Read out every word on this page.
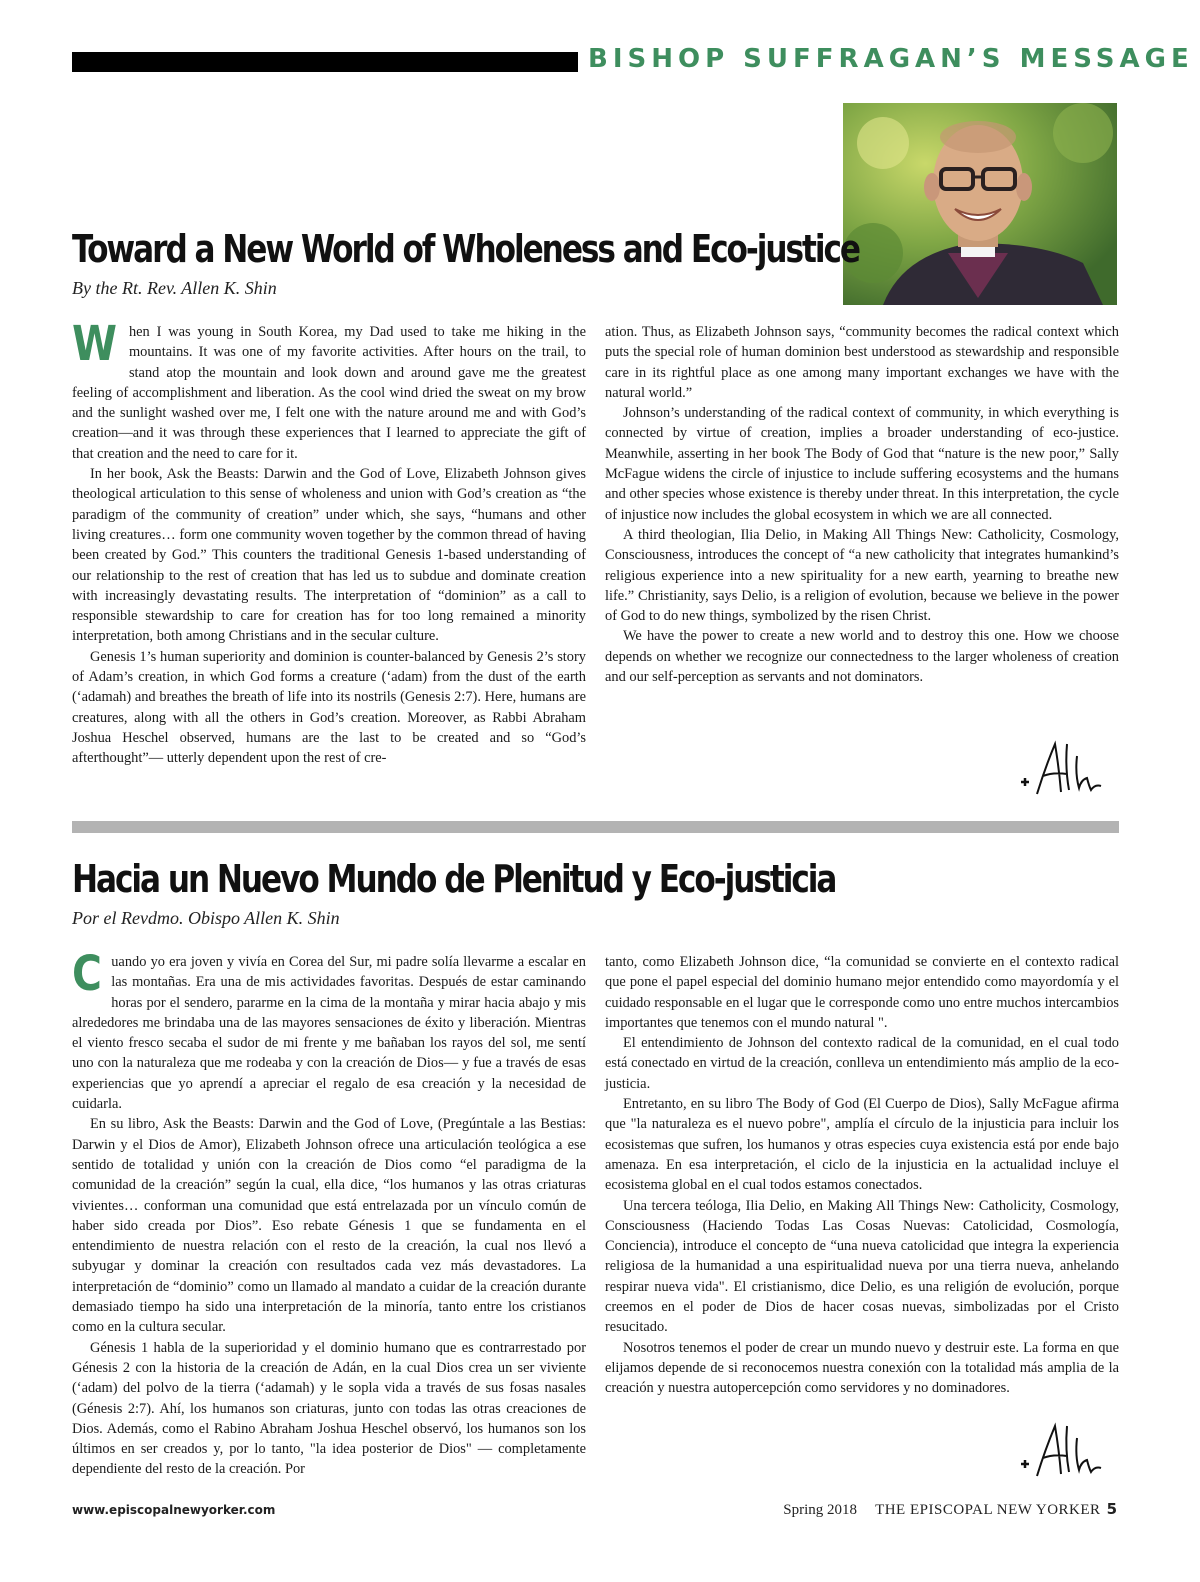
BISHOP SUFFRAGAN’S MESSAGE
Toward a New World of Wholeness and Eco-justice
By the Rt. Rev. Allen K. Shin

When I was young in South Korea, my Dad used to take me hiking in the mountains. It was one of my favorite activities. After hours on the trail, to stand atop the mountain and look down and around gave me the greatest feeling of accomplishment and liberation. As the cool wind dried the sweat on my brow and the sunlight washed over me, I felt one with the nature around me and with God’s creation—and it was through these experiences that I learned to appreciate the gift of that creation and the need to care for it.

In her book, Ask the Beasts: Darwin and the God of Love, Elizabeth Johnson gives theological articulation to this sense of wholeness and union with God’s creation as “the paradigm of the community of creation” under which, she says, “humans and other living creatures… form one community woven together by the common thread of having been created by God.” This counters the traditional Genesis 1-based understanding of our relationship to the rest of creation that has led us to subdue and dominate creation with increasingly devastating results. The interpretation of “dominion” as a call to responsible stewardship to care for creation has for too long remained a minority interpretation, both among Christians and in the secular culture.

Genesis 1’s human superiority and dominion is counter-balanced by Genesis 2’s story of Adam’s creation, in which God forms a creature (‘adam) from the dust of the earth (‘adamah) and breathes the breath of life into its nostrils (Genesis 2:7). Here, humans are creatures, along with all the others in God’s creation. Moreover, as Rabbi Abraham Joshua Heschel observed, humans are the last to be created and so “God’s afterthought”— utterly dependent upon the rest of cre-

ation. Thus, as Elizabeth Johnson says, “community becomes the radical context which puts the special role of human dominion best understood as stewardship and responsible care in its rightful place as one among many important exchanges we have with the natural world.”

Johnson’s understanding of the radical context of community, in which everything is connected by virtue of creation, implies a broader understanding of eco-justice. Meanwhile, asserting in her book The Body of God that “nature is the new poor,” Sally McFague widens the circle of injustice to include suffering ecosystems and the humans and other species whose existence is thereby under threat. In this interpretation, the cycle of injustice now includes the global ecosystem in which we are all connected.

A third theologian, Ilia Delio, in Making All Things New: Catholicity, Cosmology, Consciousness, introduces the concept of “a new catholicity that integrates humankind’s religious experience into a new spirituality for a new earth, yearning to breathe new life.” Christianity, says Delio, is a religion of evolution, because we believe in the power of God to do new things, symbolized by the risen Christ.

We have the power to create a new world and to destroy this one. How we choose depends on whether we recognize our connectedness to the larger wholeness of creation and our self-perception as servants and not dominators.

Hacia un Nuevo Mundo de Plenitud y Eco-justicia
Por el Revdmo. Obispo Allen K. Shin

Cuando yo era joven y vivía en Corea del Sur, mi padre solía llevarme a escalar en las montañas. Era una de mis actividades favoritas. Después de estar caminando horas por el sendero, pararme en la cima de la montaña y mirar hacia abajo y mis alrededores me brindaba una de las mayores sensaciones de éxito y liberación. Mientras el viento fresco secaba el sudor de mi frente y me bañaban los rayos del sol, me sentí uno con la naturaleza que me rodeaba y con la creación de Dios— y fue a través de esas experiencias que yo aprendí a apreciar el regalo de esa creación y la necesidad de cuidarla.

En su libro, Ask the Beasts: Darwin and the God of Love, (Pregúntale a las Bestias: Darwin y el Dios de Amor), Elizabeth Johnson ofrece una articulación teológica a ese sentido de totalidad y unión con la creación de Dios como “el paradigma de la comunidad de la creación” según la cual, ella dice, “los humanos y las otras criaturas vivientes… conforman una comunidad que está entrelazada por un vínculo común de haber sido creada por Dios”. Eso rebate Génesis 1 que se fundamenta en el entendimiento de nuestra relación con el resto de la creación, la cual nos llevó a subyugar y dominar la creación con resultados cada vez más devastadores. La interpretación de “dominio” como un llamado al mandato a cuidar de la creación durante demasiado tiempo ha sido una interpretación de la minoría, tanto entre los cristianos como en la cultura secular.

Génesis 1 habla de la superioridad y el dominio humano que es contrarrestado por Génesis 2 con la historia de la creación de Adán, en la cual Dios crea un ser viviente (‘adam) del polvo de la tierra (‘adamah) y le sopla vida a través de sus fosas nasales (Génesis 2:7). Ahí, los humanos son criaturas, junto con todas las otras creaciones de Dios. Además, como el Rabino Abraham Joshua Heschel observó, los humanos son los últimos en ser creados y, por lo tanto, "la idea posterior de Dios" — completamente dependiente del resto de la creación. Por

tanto, como Elizabeth Johnson dice, “la comunidad se convierte en el contexto radical que pone el papel especial del dominio humano mejor entendido como mayordomía y el cuidado responsable en el lugar que le corresponde como uno entre muchos intercambios importantes que tenemos con el mundo natural ".

El entendimiento de Johnson del contexto radical de la comunidad, en el cual todo está conectado en virtud de la creación, conlleva un entendimiento más amplio de la eco-justicia.

Entretanto, en su libro The Body of God (El Cuerpo de Dios), Sally McFague afirma que "la naturaleza es el nuevo pobre", amplía el círculo de la injusticia para incluir los ecosistemas que sufren, los humanos y otras especies cuya existencia está por ende bajo amenaza. En esa interpretación, el ciclo de la injusticia en la actualidad incluye el ecosistema global en el cual todos estamos conectados.

Una tercera teóloga, Ilia Delio, en Making All Things New: Catholicity, Cosmology, Consciousness (Haciendo Todas Las Cosas Nuevas: Catolicidad, Cosmología, Conciencia), introduce el concepto de “una nueva catolicidad que integra la experiencia religiosa de la humanidad a una espiritualidad nueva por una tierra nueva, anhelando respirar nueva vida". El cristianismo, dice Delio, es una religión de evolución, porque creemos en el poder de Dios de hacer cosas nuevas, simbolizadas por el Cristo resucitado.

Nosotros tenemos el poder de crear un mundo nuevo y destruir este. La forma en que elijamos depende de si reconocemos nuestra conexión con la totalidad más amplia de la creación y nuestra autopercepción como servidores y no dominadores.

www.episcopalnewyorker.com	Spring 2018 THE EPISCOPAL NEW YORKER 5
